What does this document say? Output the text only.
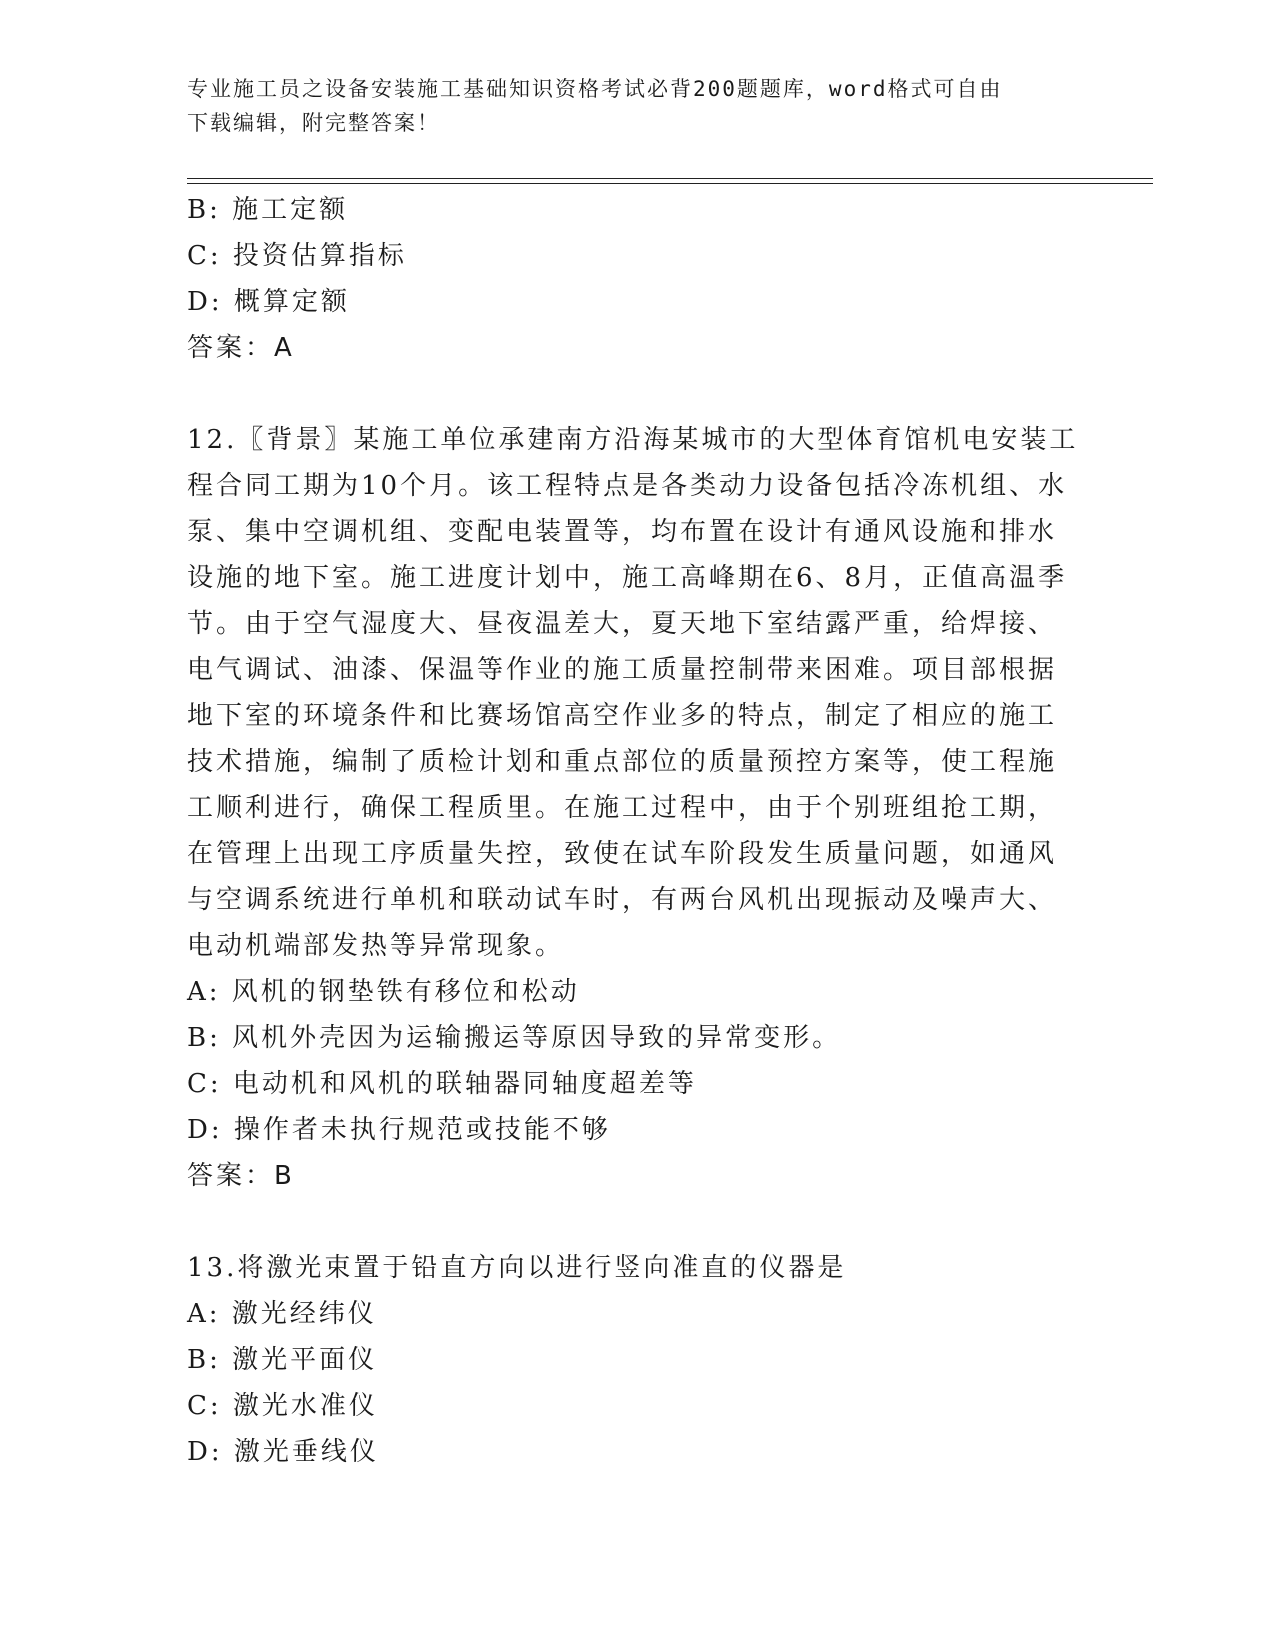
专业施工员之设备安装施工基础知识资格考试必背200题题库，word格式可自由
下载编辑，附完整答案！
B: 施工定额
C: 投资估算指标
D: 概算定额
答案：A
12.〖背景〗某施工单位承建南方沿海某城市的大型体育馆机电安装工
程合同工期为10个月。该工程特点是各类动力设备包括冷冻机组、水
泵、集中空调机组、变配电装置等，均布置在设计有通风设施和排水
设施的地下室。施工进度计划中，施工高峰期在6、8月，正值高温季
节。由于空气湿度大、昼夜温差大，夏天地下室结露严重，给焊接、
电气调试、油漆、保温等作业的施工质量控制带来困难。项目部根据
地下室的环境条件和比赛场馆高空作业多的特点，制定了相应的施工
技术措施，编制了质检计划和重点部位的质量预控方案等，使工程施
工顺利进行，确保工程质里。在施工过程中，由于个别班组抢工期，
在管理上出现工序质量失控，致使在试车阶段发生质量问题，如通风
与空调系统进行单机和联动试车时，有两台风机出现振动及噪声大、
电动机端部发热等异常现象。
A: 风机的钢垫铁有移位和松动
B: 风机外壳因为运输搬运等原因导致的异常变形。
C: 电动机和风机的联轴器同轴度超差等
D: 操作者未执行规范或技能不够
答案：B
13.将激光束置于铅直方向以进行竖向准直的仪器是
A: 激光经纬仪
B: 激光平面仪
C: 激光水准仪
D: 激光垂线仪
